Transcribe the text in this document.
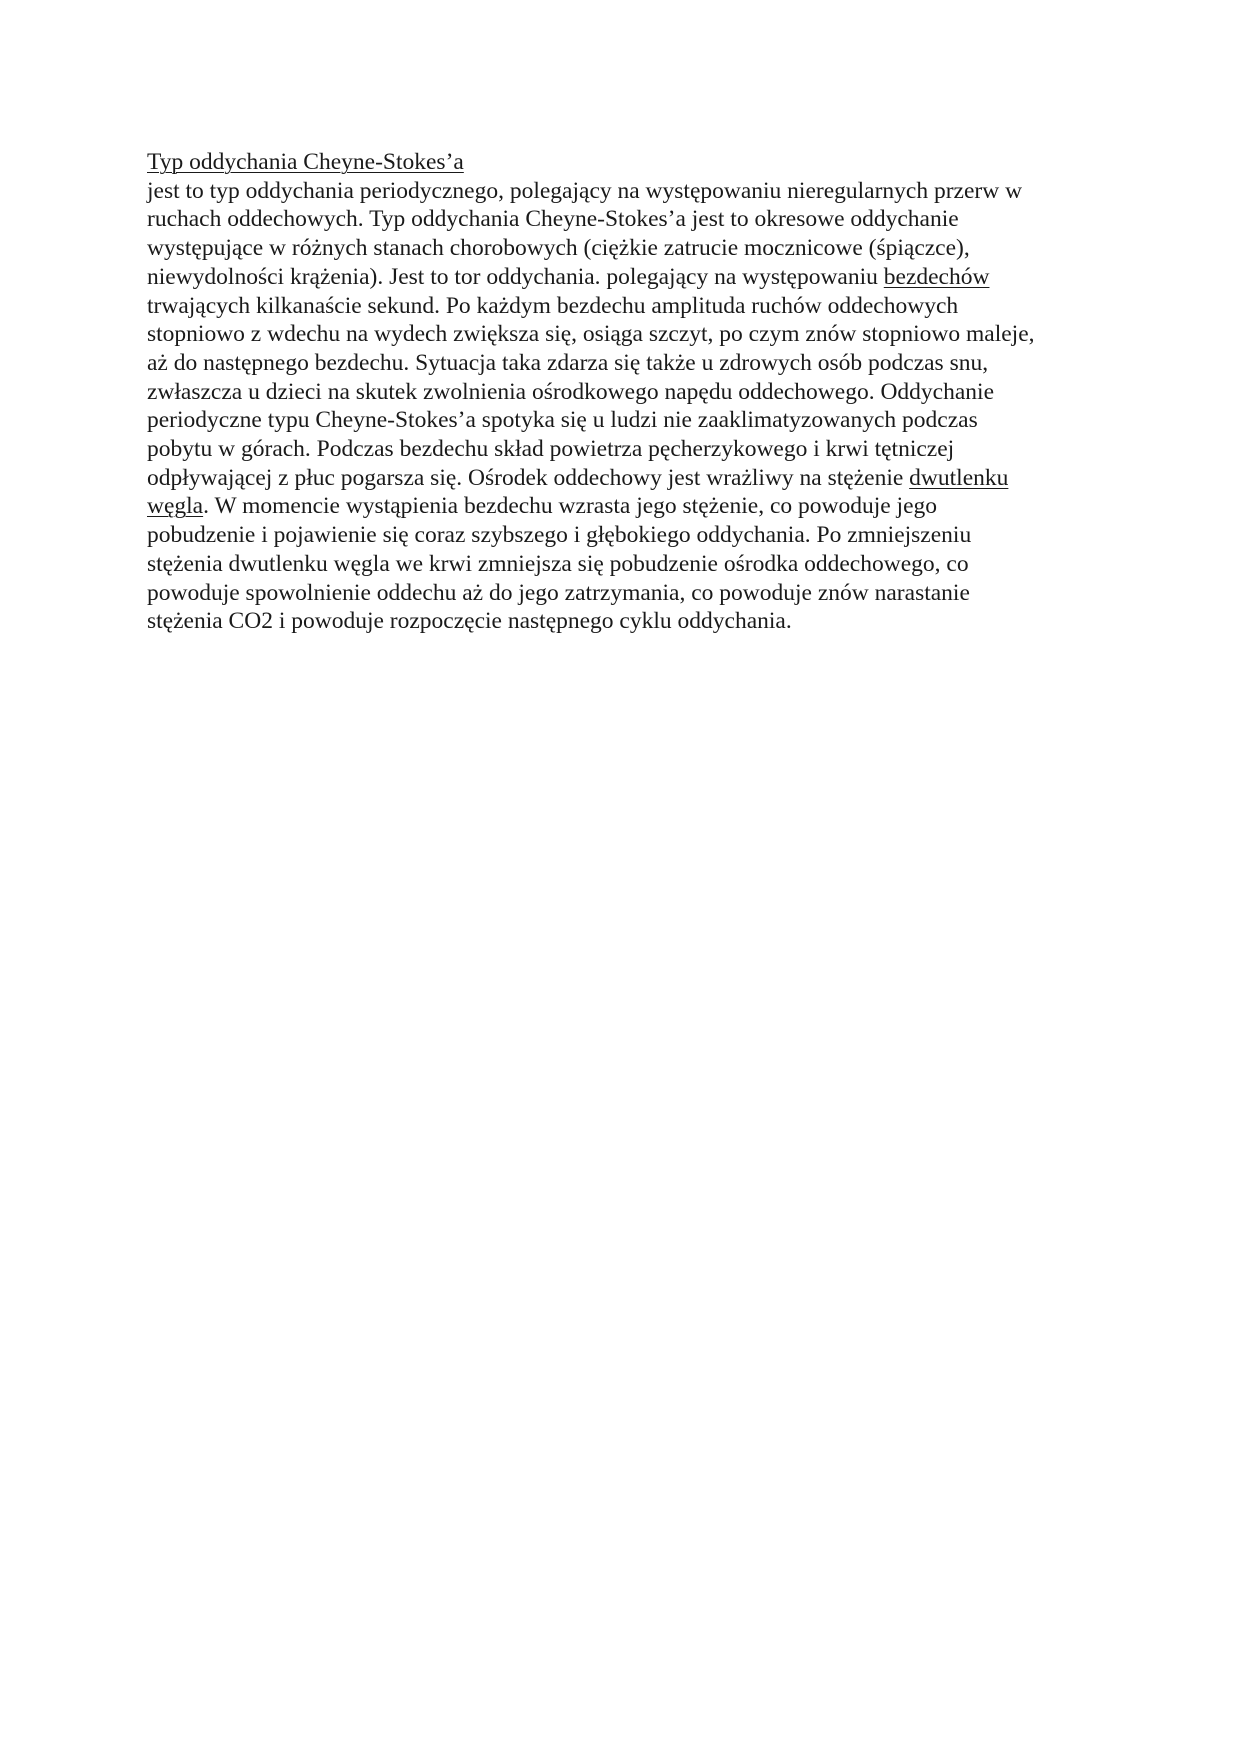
Typ oddychania Cheyne-Stokes’a
jest to typ oddychania periodycznego, polegający na występowaniu nieregularnych przerw w
ruchach oddechowych. Typ oddychania Cheyne-Stokes’a jest to okresowe oddychanie
występujące w różnych stanach chorobowych (ciężkie zatrucie mocznicowe (śpiączce),
niewydolności krążenia). Jest to tor oddychania. polegający na występowaniu bezdechów
trwających kilkanaście sekund. Po każdym bezdechu amplituda ruchów oddechowych
stopniowo z wdechu na wydech zwiększa się, osiąga szczyt, po czym znów stopniowo maleje,
aż do następnego bezdechu. Sytuacja taka zdarza się także u zdrowych osób podczas snu,
zwłaszcza u dzieci na skutek zwolnienia ośrodkowego napędu oddechowego. Oddychanie
periodyczne typu Cheyne-Stokes’a spotyka się u ludzi nie zaaklimatyzowanych podczas
pobytu w górach. Podczas bezdechu skład powietrza pęcherzykowego i krwi tętniczej
odpływającej z płuc pogarsza się. Ośrodek oddechowy jest wrażliwy na stężenie dwutlenku
węgla. W momencie wystąpienia bezdechu wzrasta jego stężenie, co powoduje jego
pobudzenie i pojawienie się coraz szybszego i głębokiego oddychania. Po zmniejszeniu
stężenia dwutlenku węgla we krwi zmniejsza się pobudzenie ośrodka oddechowego, co
powoduje spowolnienie oddechu aż do jego zatrzymania, co powoduje znów narastanie
stężenia CO2 i powoduje rozpoczęcie następnego cyklu oddychania.
